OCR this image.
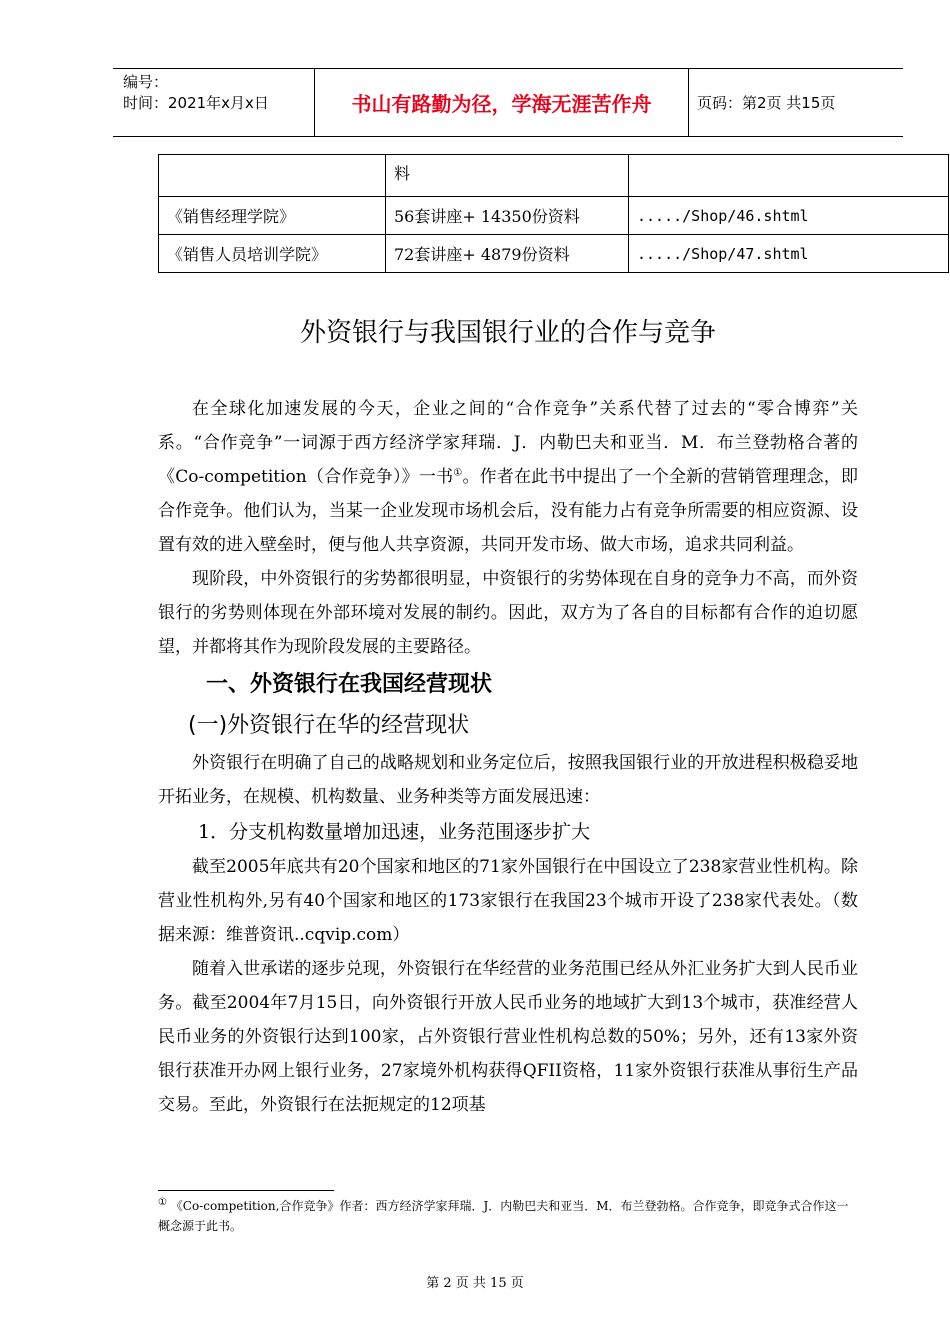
编号：
时间：2021年x月x日	书山有路勤为径，学海无涯苦作舟	页码：第2页 共15页
	料	
《销售经理学院》	56套讲座+ 14350份资料	...../Shop/46.shtml
《销售人员培训学院》	72套讲座+ 4879份资料	...../Shop/47.shtml
外资银行与我国银行业的合作与竞争

在全球化加速发展的今天，企业之间的“合作竞争”关系代替了过去的“零合博弈”关系。“合作竞争”一词源于西方经济学家拜瑞．J．内勒巴夫和亚当．M．布兰登勃格合著的《Co-competition（合作竞争）》一书①。作者在此书中提出了一个全新的营销管理理念，即合作竞争。他们认为，当某一企业发现市场机会后，没有能力占有竞争所需要的相应资源、设置有效的进入壁垒时，便与他人共享资源，共同开发市场、做大市场，追求共同利益。

现阶段，中外资银行的劣势都很明显，中资银行的劣势体现在自身的竞争力不高，而外资银行的劣势则体现在外部环境对发展的制约。因此，双方为了各自的目标都有合作的迫切愿望，并都将其作为现阶段发展的主要路径。

一、外资银行在我国经营现状
(一)外资银行在华的经营现状

外资银行在明确了自己的战略规划和业务定位后，按照我国银行业的开放进程积极稳妥地开拓业务，在规模、机构数量、业务种类等方面发展迅速：

1．分支机构数量增加迅速，业务范围逐步扩大

截至2005年底共有20个国家和地区的71家外国银行在中国设立了238家营业性机构。除营业性机构外,另有40个国家和地区的173家银行在我国23个城市开设了238家代表处。（数据来源：维普资讯..cqvip.com）

随着入世承诺的逐步兑现，外资银行在华经营的业务范围已经从外汇业务扩大到人民币业务。截至2004年7月15日，向外资银行开放人民币业务的地域扩大到13个城市，获准经营人民币业务的外资银行达到100家，占外资银行营业性机构总数的50%；另外，还有13家外资银行获准开办网上银行业务，27家境外机构获得QFII资格，11家外资银行获准从事衍生产品交易。至此，外资银行在法扼规定的12项基

① 《Co-competition,合作竞争》作者：西方经济学家拜瑞．J．内勒巴夫和亚当．M．布兰登勃格。合作竞争，即竞争式合作这一概念源于此书。
第 2 页 共 15 页
